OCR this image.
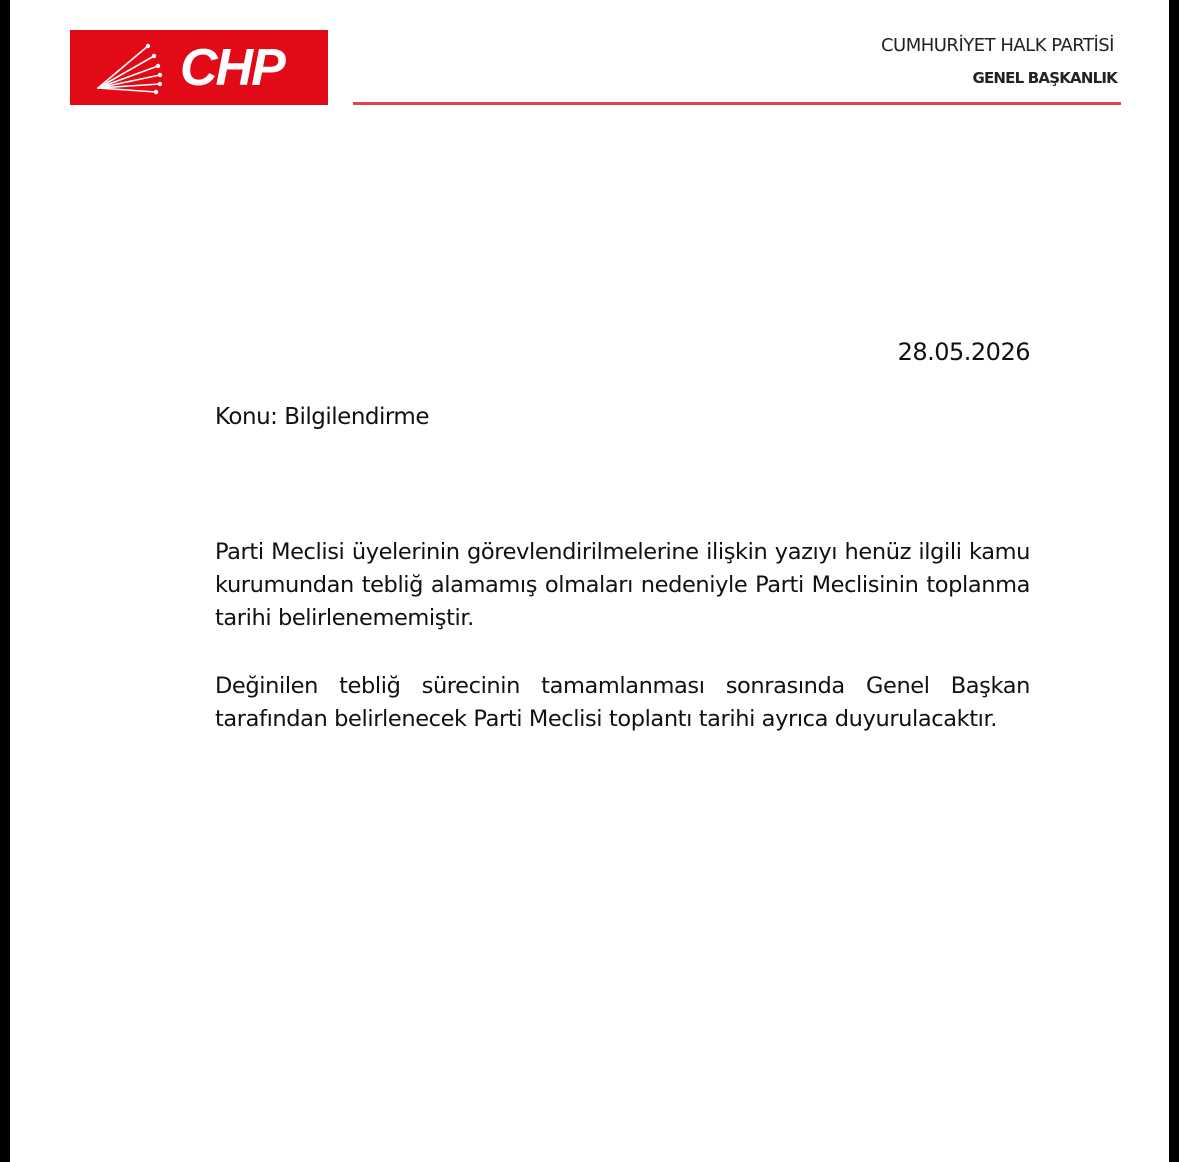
CHP	CUMHURİYET HALK PARTİSİ
GENEL BAŞKANLIK
28.05.2026
Konu: Bilgilendirme

Parti Meclisi üyelerinin görevlendirilmelerine ilişkin yazıyı henüz ilgili kamu kurumundan tebliğ alamamış olmaları nedeniyle Parti Meclisinin toplanma tarihi belirlenememiştir.

Değinilen tebliğ sürecinin tamamlanması sonrasında Genel Başkan tarafından belirlenecek Parti Meclisi toplantı tarihi ayrıca duyurulacaktır.
